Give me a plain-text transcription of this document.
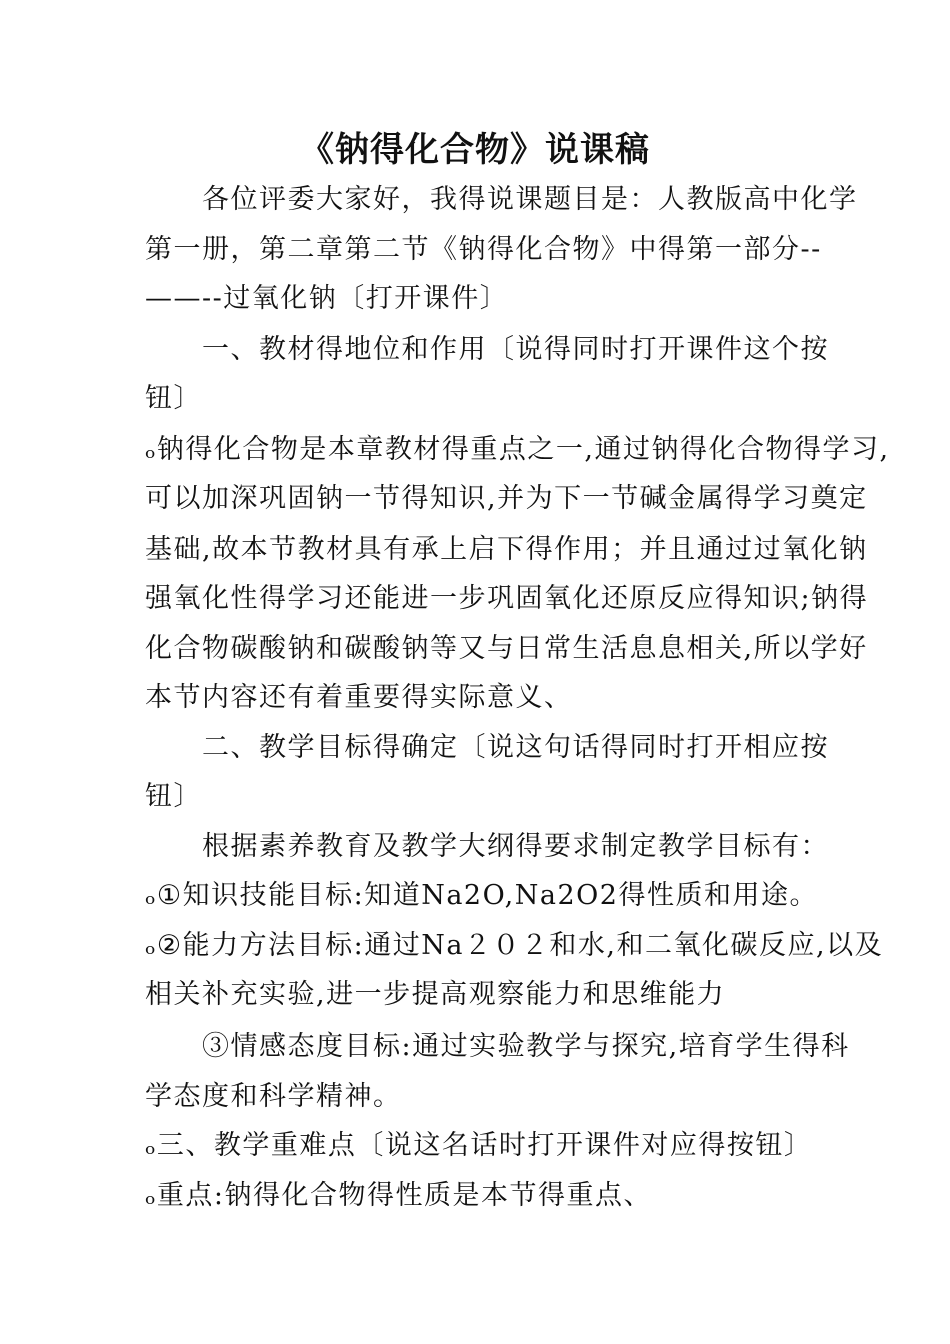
《钠得化合物》说课稿
各位评委大家好，我得说课题目是：人教版高中化学
第一册，第二章第二节《钠得化合物》中得第一部分--
——--过氧化钠〔打开课件〕
一、教材得地位和作用〔说得同时打开课件这个按
钮〕
ₒ钠得化合物是本章教材得重点之一,通过钠得化合物得学习,
可以加深巩固钠一节得知识,并为下一节碱金属得学习奠定
基础,故本节教材具有承上启下得作用；并且通过过氧化钠
强氧化性得学习还能进一步巩固氧化还原反应得知识;钠得
化合物碳酸钠和碳酸钠等又与日常生活息息相关,所以学好
本节内容还有着重要得实际意义、
二、教学目标得确定〔说这句话得同时打开相应按
钮〕
根据素养教育及教学大纲得要求制定教学目标有：
ₒ①知识技能目标:知道Na2O,Na2O2得性质和用途。
ₒ②能力方法目标:通过Na２０２和水,和二氧化碳反应,以及
相关补充实验,进一步提高观察能力和思维能力
③情感态度目标:通过实验教学与探究,培育学生得科
学态度和科学精神。
ₒ三、教学重难点〔说这名话时打开课件对应得按钮〕
ₒ重点:钠得化合物得性质是本节得重点、
